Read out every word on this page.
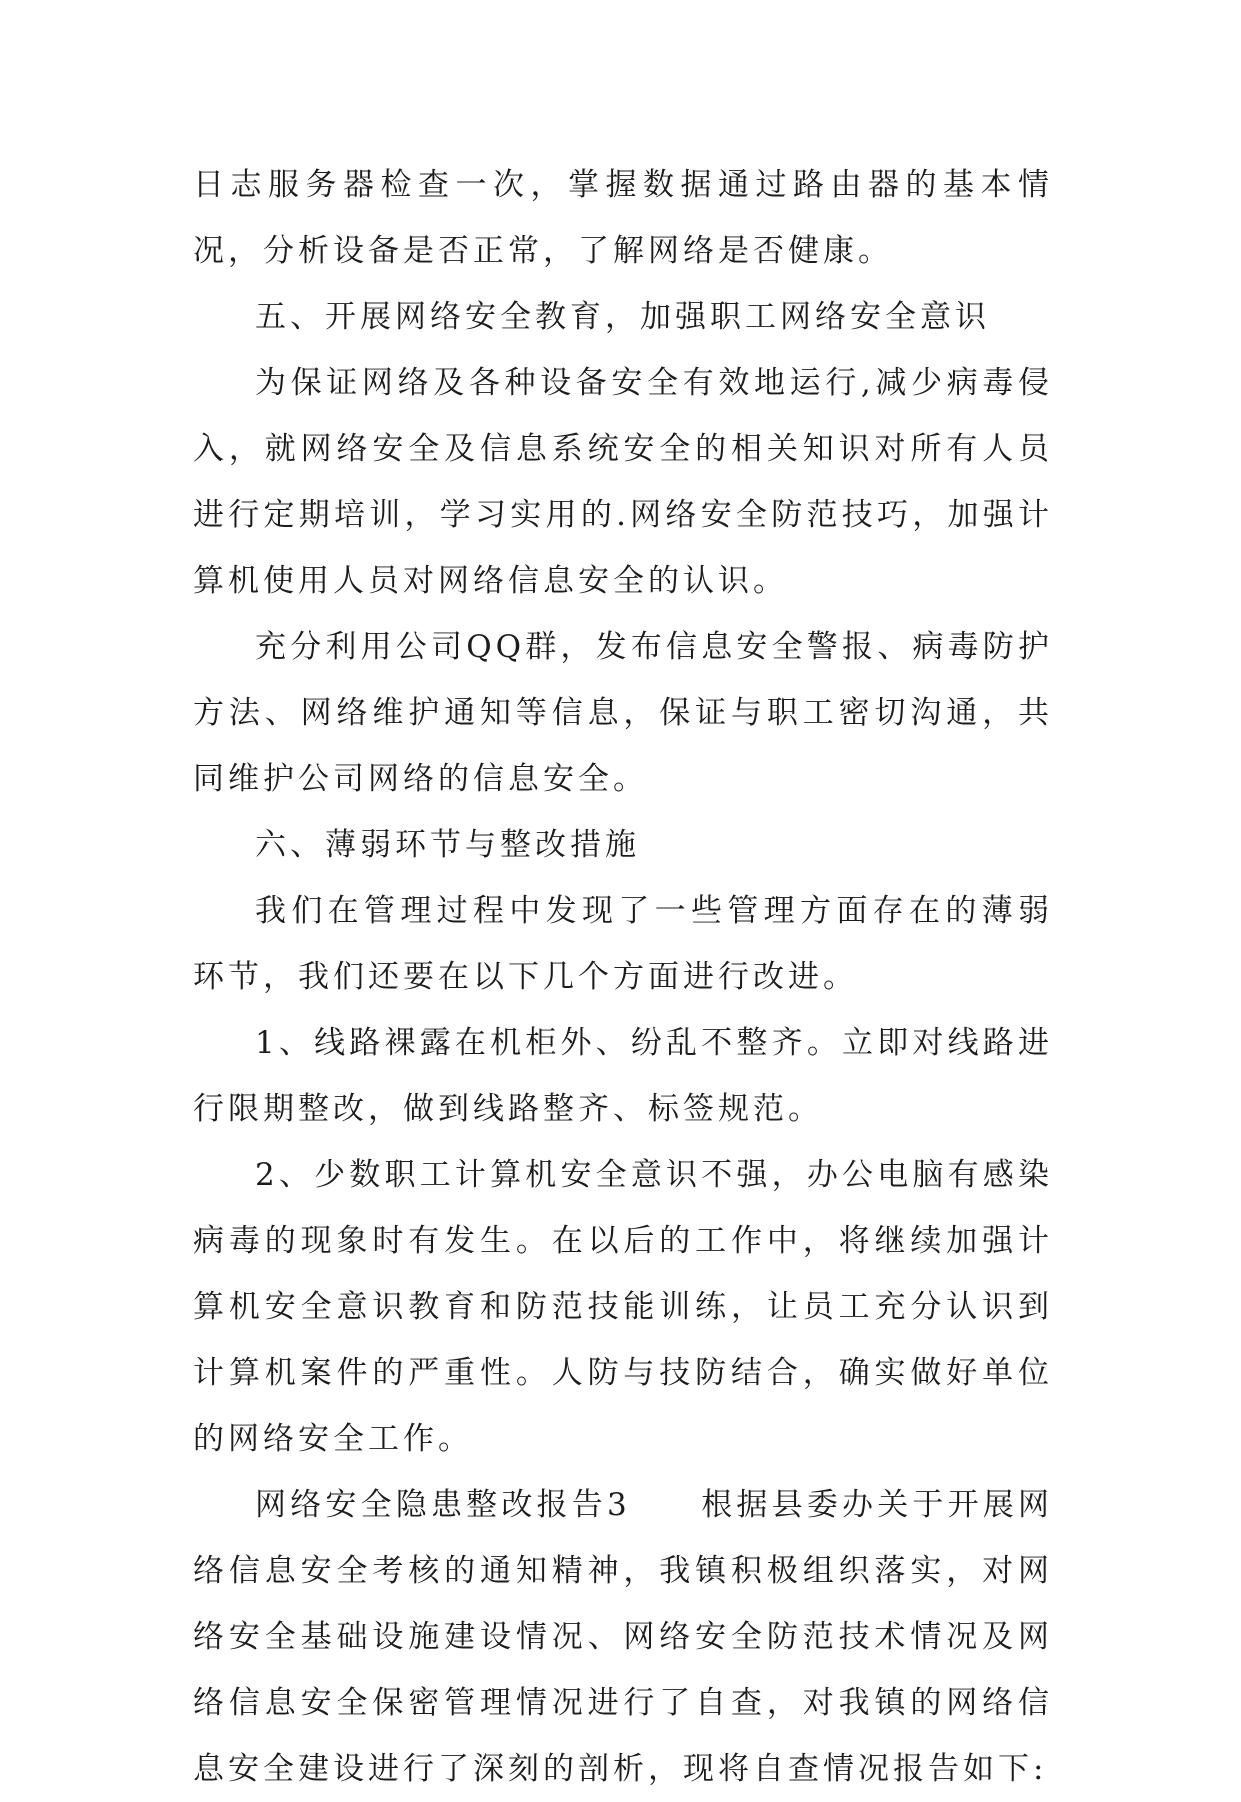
日志服务器检查一次，掌握数据通过路由器的基本情况，分析设备是否正常，了解网络是否健康。

五、开展网络安全教育，加强职工网络安全意识

为保证网络及各种设备安全有效地运行,减少病毒侵入，就网络安全及信息系统安全的相关知识对所有人员进行定期培训，学习实用的.网络安全防范技巧，加强计算机使用人员对网络信息安全的认识。

充分利用公司QQ群，发布信息安全警报、病毒防护方法、网络维护通知等信息，保证与职工密切沟通，共同维护公司网络的信息安全。

六、薄弱环节与整改措施

我们在管理过程中发现了一些管理方面存在的薄弱环节，我们还要在以下几个方面进行改进。

1、线路裸露在机柜外、纷乱不整齐。立即对线路进行限期整改，做到线路整齐、标签规范。

2、少数职工计算机安全意识不强，办公电脑有感染病毒的现象时有发生。在以后的工作中，将继续加强计算机安全意识教育和防范技能训练，让员工充分认识到计算机案件的严重性。人防与技防结合，确实做好单位的网络安全工作。

网络安全隐患整改报告3　　根据县委办关于开展网络信息安全考核的通知精神，我镇积极组织落实，对网络安全基础设施建设情况、网络安全防范技术情况及网络信息安全保密管理情况进行了自查，对我镇的网络信息安全建设进行了深刻的剖析，现将自查情况报告如下:
